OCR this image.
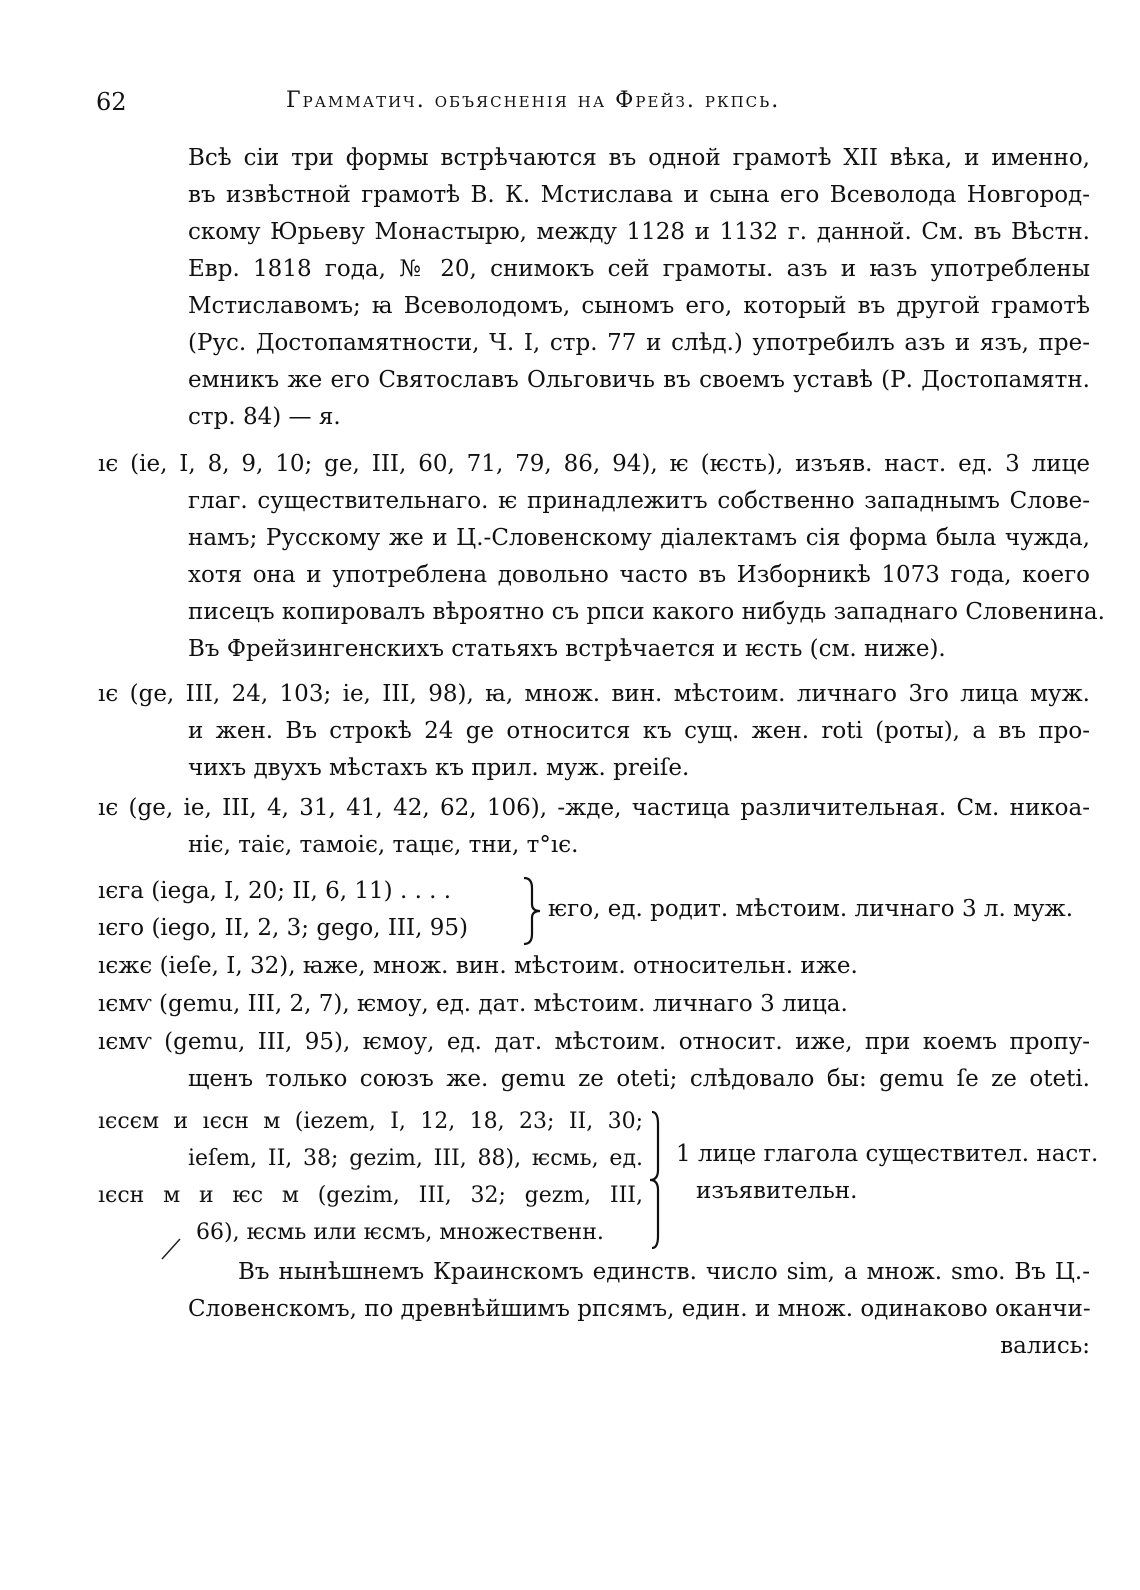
62	Грамматич. объясненія на Фрейз. ркпсь.
Всѣ сіи три формы встрѣчаются въ одной грамотѣ XII вѣка, и именно,
въ извѣстной грамотѣ В. К. Мстислава и сына его Всеволода Новгород-
скому Юрьеву Монастырю, между 1128 и 1132 г. данной. См. въ Вѣстн.
Евр. 1818 года, № 20, снимокъ сей грамоты. азъ и ꙗзъ употреблены
Мстиславомъ; ꙗ Всеволодомъ, сыномъ его, который въ другой грамотѣ
(Рус. Достопамятности, Ч. I, стр. 77 и слѣд.) употребилъ азъ и язъ, пре-
емникъ же его Святославъ Ольговичь въ своемъ уставѣ (Р. Достопамятн.
стр. 84) — я.
ıє (ie, I, 8, 9, 10; ge, III, 60, 71, 79, 86, 94), ѥ (ѥсть), изъяв. наст. ед. 3 лице
глаг. существительнаго. ѥ принадлежитъ собственно западнымъ Слове-
намъ; Русскому же и Ц.-Словенскому діалектамъ сія форма была чужда,
хотя она и употреблена довольно часто въ Изборникѣ 1073 года, коего
писецъ копировалъ вѣроятно съ рпси какого нибудь западнаго Словенина.
Въ Фрейзингенскихъ статьяхъ встрѣчается и ѥсть (см. ниже).
ıє (ge, III, 24, 103; ie, III, 98), ꙗ, множ. вин. мѣстоим. личнаго 3го лица муж.
и жен. Въ строкѣ 24 ge относится къ сущ. жен. roti (роты), а въ про-
чихъ двухъ мѣстахъ къ прил. муж. preiſe.
ıє (ge, ie, III, 4, 31, 41, 42, 62, 106), -жде, частица различительная. См. никоа-
ніє, таіє, тамоіє, тацıє, тни, т°ıє.
ıєга (iega, I, 20; II, 6, 11) . . . .
ıєго (iego, II, 2, 3; gego, III, 95)
ѥго, ед. родит. мѣстоим. личнаго 3 л. муж.
ıєжє (ieſe, I, 32), ꙗже, множ. вин. мѣстоим. относительн. иже.
ıємѵ (gemu, III, 2, 7), ѥмоу, ед. дат. мѣстоим. личнаго 3 лица.
ıємѵ (gemu, III, 95), ѥмоу, ед. дат. мѣстоим. относит. иже, при коемъ пропу-
щенъ только союзъ же. gemu ze oteti; слѣдовало бы: gemu ſe ze oteti.
ıєсєм и ıєсн м (iezem, I, 12, 18, 23; II, 30;
ieſem, II, 38; gezim, III, 88), ѥсмь, ед.
ıєсн м и ѥс м (gezim, III, 32; gezm, III,
66), ѥсмь или ѥсмъ, множественн.
1 лице глагола существител. наст.
изъявительн.
Въ нынѣшнемъ Краинскомъ единств. число sim, а множ. smo. Въ Ц.-
Словенскомъ, по древнѣйшимъ рпсямъ, един. и множ. одинаково оканчи-
вались:
